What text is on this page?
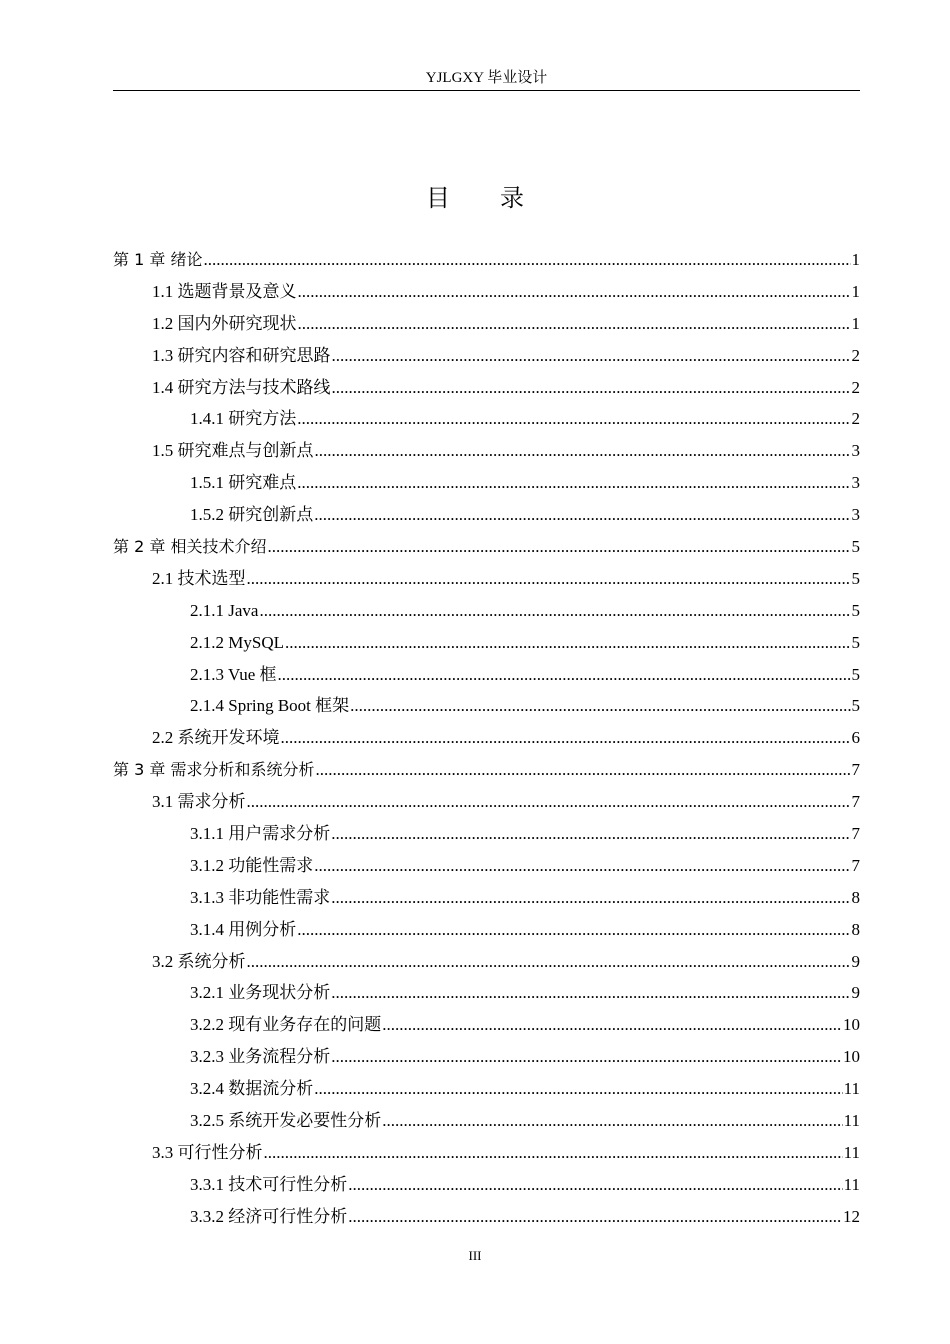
YJLGXY 毕业设计
目 录
第 1 章 绪论 .....	1
1.1 选题背景及意义 .....	1
1.2 国内外研究现状 .....	1
1.3 研究内容和研究思路 .....	2
1.4 研究方法与技术路线 .....	2
1.4.1 研究方法 .....	2
1.5 研究难点与创新点 .....	3
1.5.1 研究难点 .....	3
1.5.2 研究创新点 .....	3
第 2 章 相关技术介绍 .....	5
2.1 技术选型 .....	5
2.1.1 Java .....	5
2.1.2 MySQL .....	5
2.1.3 Vue 框 .....	5
2.1.4 Spring Boot 框架 .....	5
2.2 系统开发环境 .....	6
第 3 章 需求分析和系统分析 .....	7
3.1 需求分析 .....	7
3.1.1 用户需求分析 .....	7
3.1.2 功能性需求 .....	7
3.1.3 非功能性需求 .....	8
3.1.4 用例分析 .....	8
3.2 系统分析 .....	9
3.2.1 业务现状分析 .....	9
3.2.2 现有业务存在的问题 .....	10
3.2.3 业务流程分析 .....	10
3.2.4 数据流分析 .....	11
3.2.5 系统开发必要性分析 .....	11
3.3 可行性分析 .....	11
3.3.1 技术可行性分析 .....	11
3.3.2 经济可行性分析 .....	12
III
